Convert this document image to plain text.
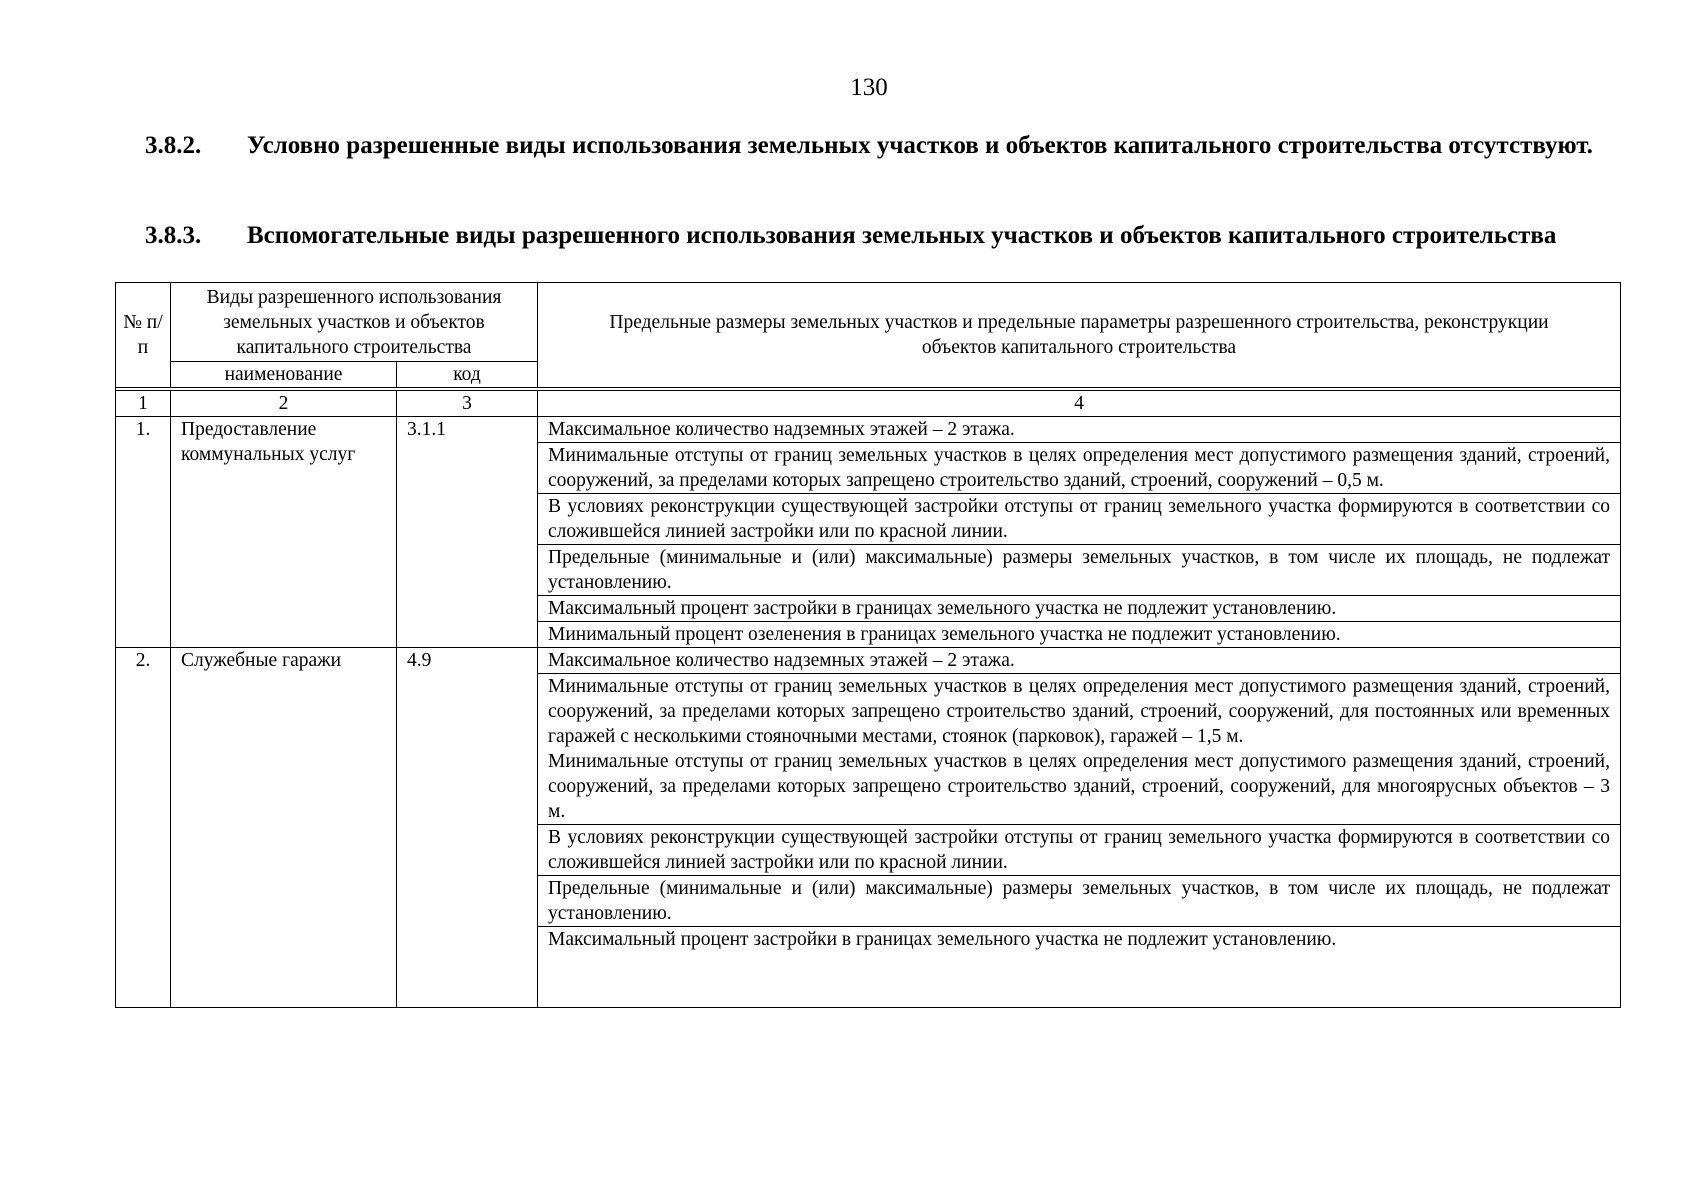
130
3.8.2.	Условно разрешенные виды использования земельных участков и объектов капитального строительства отсутствуют.
3.8.3.	Вспомогательные виды разрешенного использования земельных участков и объектов капитального строительства
№ п/п	Виды разрешенного использования земельных участков и объектов капитального строительства		Предельные размеры земельных участков и предельные параметры разрешенного строительства, реконструкции объектов капитального строительства
	наименование	код	

1	2	3	4
1.	Предоставление коммунальных услуг	3.1.1	Максимальное количество надземных этажей – 2 этажа.
			Минимальные отступы от границ земельных участков в целях определения мест допустимого размещения зданий, строений, сооружений, за пределами которых запрещено строительство зданий, строений, сооружений – 0,5 м.
			В условиях реконструкции существующей застройки отступы от границ земельного участка формируются в соответствии со сложившейся линией застройки или по красной линии.
			Предельные (минимальные и (или) максимальные) размеры земельных участков, в том числе их площадь, не подлежат установлению.
			Максимальный процент застройки в границах земельного участка не подлежит установлению.
			Минимальный процент озеленения в границах земельного участка не подлежит установлению.
2.	Служебные гаражи	4.9	Максимальное количество надземных этажей – 2 этажа.

			Минимальные отступы от границ земельных участков в целях определения мест допустимого размещения зданий, строений, сооружений, за пределами которых запрещено строительство зданий, строений, сооружений, для постоянных или временных гаражей с несколькими стояночными местами, стоянок (парковок), гаражей – 1,5 м.
Минимальные отступы от границ земельных участков в целях определения мест допустимого размещения зданий, строений, сооружений, за пределами которых запрещено строительство зданий, строений, сооружений, для многоярусных объектов – 3 м.

			В условиях реконструкции существующей застройки отступы от границ земельного участка формируются в соответствии со сложившейся линией застройки или по красной линии.
			Предельные (минимальные и (или) максимальные) размеры земельных участков, в том числе их площадь, не подлежат установлению.
			Максимальный процент застройки в границах земельного участка не подлежит установлению.
